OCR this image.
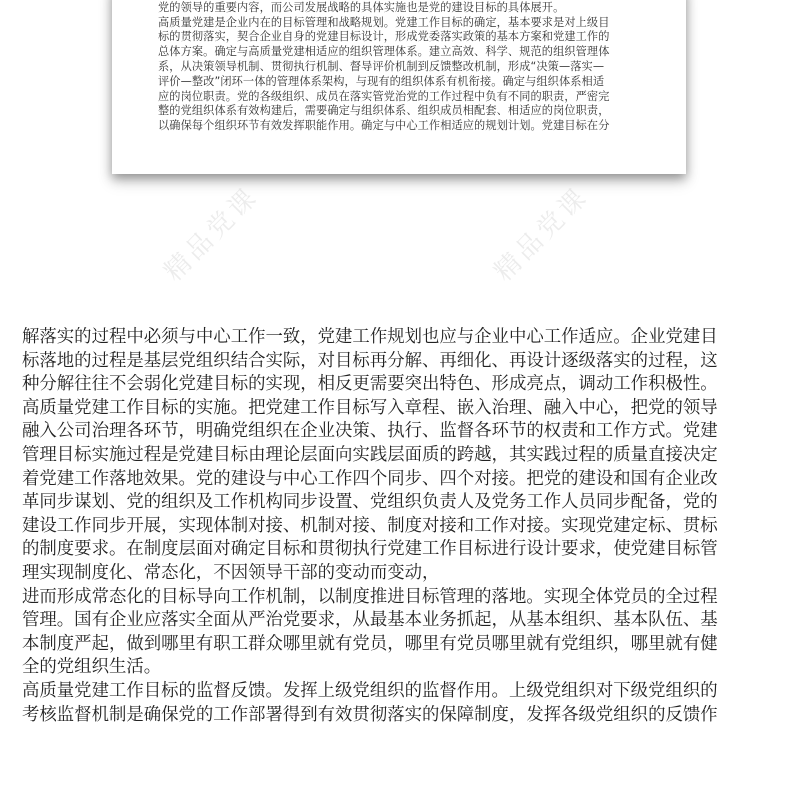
党的领导的重要内容，而公司发展战略的具体实施也是党的建设目标的具体展开。
高质量党建是企业内在的目标管理和战略规划。党建工作目标的确定，基本要求是对上级目
标的贯彻落实，契合企业自身的党建目标设计，形成党委落实政策的基本方案和党建工作的
总体方案。确定与高质量党建相适应的组织管理体系。建立高效、科学、规范的组织管理体
系，从决策领导机制、贯彻执行机制、督导评价机制到反馈整改机制，形成“决策—落实—
评价—整改”闭环一体的管理体系架构，与现有的组织体系有机衔接。确定与组织体系相适
应的岗位职责。党的各级组织、成员在落实管党治党的工作过程中负有不同的职责，严密完
整的党组织体系有效构建后，需要确定与组织体系、组织成员相配套、相适应的岗位职责，
以确保每个组织环节有效发挥职能作用。确定与中心工作相适应的规划计划。党建目标在分
精品党课	精品党课
解落实的过程中必须与中心工作一致，党建工作规划也应与企业中心工作适应。企业党建目
标落地的过程是基层党组织结合实际，对目标再分解、再细化、再设计逐级落实的过程，这
种分解往往不会弱化党建目标的实现，相反更需要突出特色、形成亮点，调动工作积极性。
高质量党建工作目标的实施。把党建工作目标写入章程、嵌入治理、融入中心，把党的领导
融入公司治理各环节，明确党组织在企业决策、执行、监督各环节的权责和工作方式。党建
管理目标实施过程是党建目标由理论层面向实践层面质的跨越，其实践过程的质量直接决定
着党建工作落地效果。党的建设与中心工作四个同步、四个对接。把党的建设和国有企业改
革同步谋划、党的组织及工作机构同步设置、党组织负责人及党务工作人员同步配备，党的
建设工作同步开展，实现体制对接、机制对接、制度对接和工作对接。实现党建定标、贯标
的制度要求。在制度层面对确定目标和贯彻执行党建工作目标进行设计要求，使党建目标管
理实现制度化、常态化，不因领导干部的变动而变动，
进而形成常态化的目标导向工作机制，以制度推进目标管理的落地。实现全体党员的全过程
管理。国有企业应落实全面从严治党要求，从最基本业务抓起，从基本组织、基本队伍、基
本制度严起，做到哪里有职工群众哪里就有党员，哪里有党员哪里就有党组织，哪里就有健
全的党组织生活。
高质量党建工作目标的监督反馈。发挥上级党组织的监督作用。上级党组织对下级党组织的
考核监督机制是确保党的工作部署得到有效贯彻落实的保障制度，发挥各级党组织的反馈作
